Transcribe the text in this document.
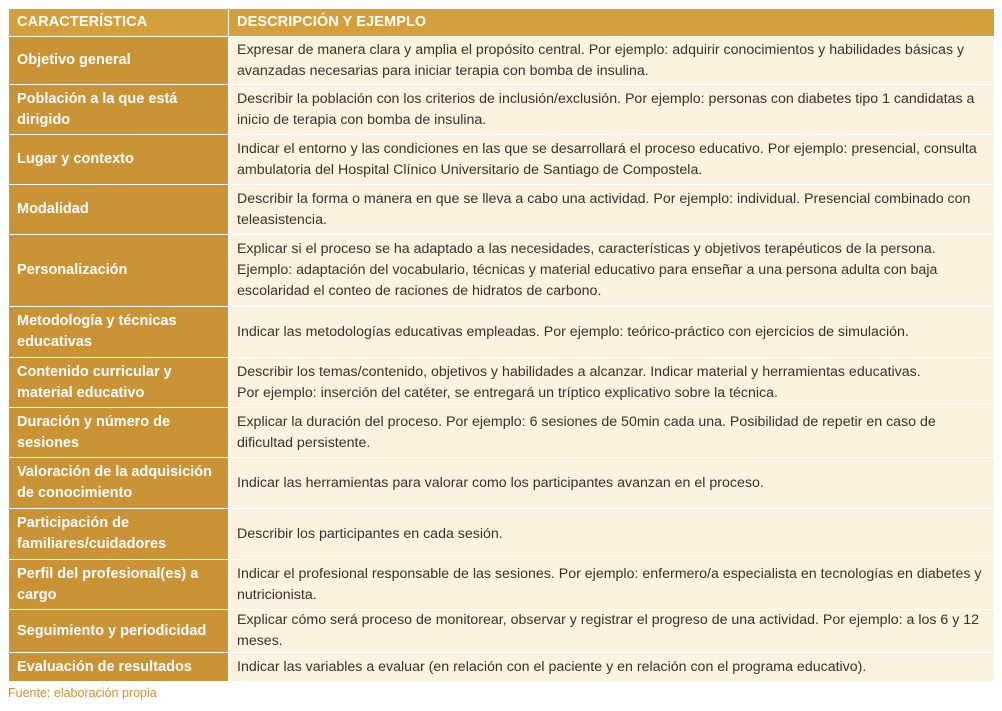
CARACTERÍSTICA	DESCRIPCIÓN Y EJEMPLO
Objetivo general	Expresar de manera clara y amplia el propósito central. Por ejemplo: adquirir conocimientos y habilidades básicas y avanzadas necesarias para iniciar terapia con bomba de insulina.
Población a la que está dirigido	Describir la población con los criterios de inclusión/exclusión. Por ejemplo: personas con diabetes tipo 1 candidatas a inicio de terapia con bomba de insulina.
Lugar y contexto	Indicar el entorno y las condiciones en las que se desarrollará el proceso educativo. Por ejemplo: presencial, consulta ambulatoria del Hospital Clínico Universitario de Santiago de Compostela.
Modalidad	Describir la forma o manera en que se lleva a cabo una actividad. Por ejemplo: individual. Presencial combinado con teleasistencia.
Personalización	Explicar si el proceso se ha adaptado a las necesidades, características y objetivos terapéuticos de la persona.
Ejemplo: adaptación del vocabulario, técnicas y material educativo para enseñar a una persona adulta con baja escolaridad el conteo de raciones de hidratos de carbono.
Metodología y técnicas educativas	Indicar las metodologías educativas empleadas. Por ejemplo: teórico-práctico con ejercicios de simulación.
Contenido curricular y material educativo	Describir los temas/contenido, objetivos y habilidades a alcanzar. Indicar material y herramientas educativas.
Por ejemplo: inserción del catéter, se entregará un tríptico explicativo sobre la técnica.
Duración y número de sesiones	Explicar la duración del proceso. Por ejemplo: 6 sesiones de 50min cada una. Posibilidad de repetir en caso de dificultad persistente.
Valoración de la adquisición de conocimiento	Indicar las herramientas para valorar como los participantes avanzan en el proceso.
Participación de familiares/cuidadores	Describir los participantes en cada sesión.
Perfil del profesional(es) a cargo	Indicar el profesional responsable de las sesiones. Por ejemplo: enfermero/a especialista en tecnologías en diabetes y nutricionista.
Seguimiento y periodicidad	Explicar cómo será proceso de monitorear, observar y registrar el progreso de una actividad. Por ejemplo: a los 6 y 12 meses.
Evaluación de resultados	Indicar las variables a evaluar (en relación con el paciente y en relación con el programa educativo).
Fuente: elaboración propia
